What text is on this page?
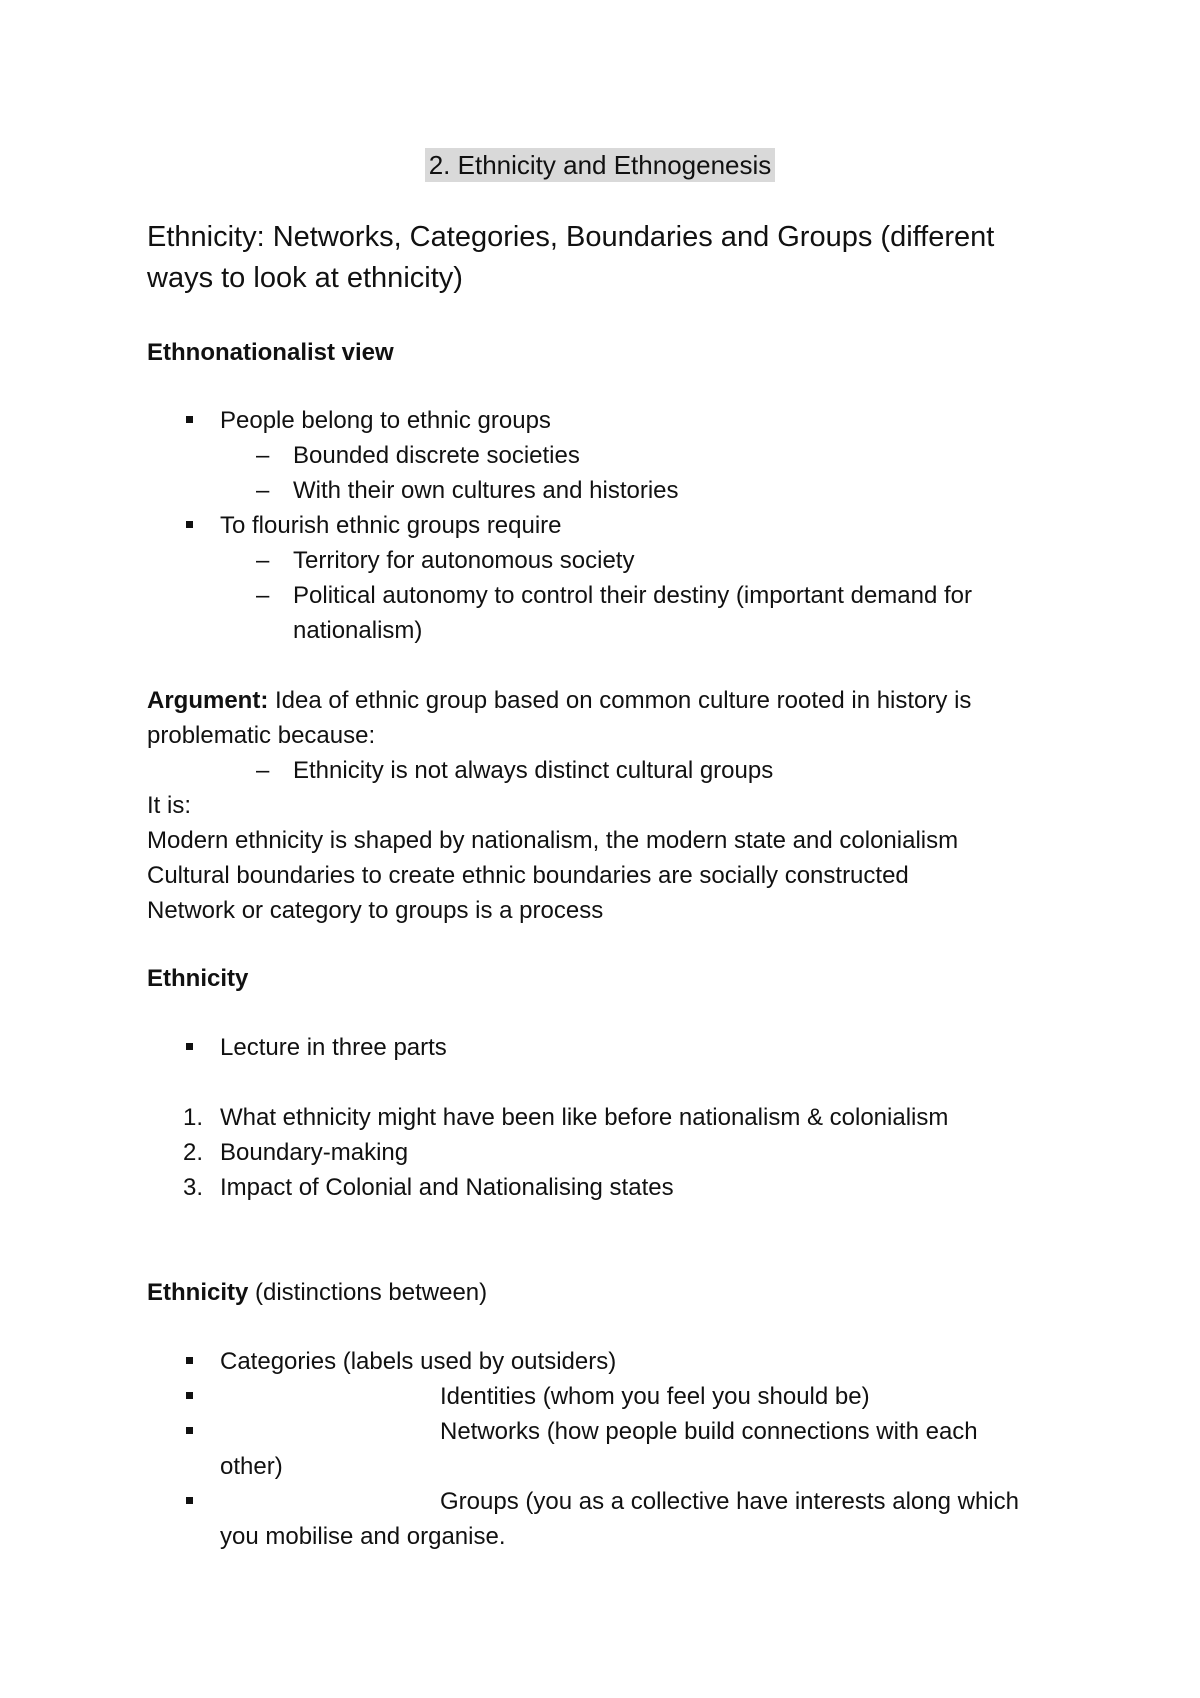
2. Ethnicity and Ethnogenesis
Ethnicity: Networks, Categories, Boundaries and Groups (different
ways to look at ethnicity)
Ethnonationalist view
People belong to ethnic groups
– Bounded discrete societies
– With their own cultures and histories
To flourish ethnic groups require
– Territory for autonomous society
– Political autonomy to control their destiny (important demand for
nationalism)
Argument: Idea of ethnic group based on common culture rooted in history is
problematic because:
– Ethnicity is not always distinct cultural groups
It is:
Modern ethnicity is shaped by nationalism, the modern state and colonialism
Cultural boundaries to create ethnic boundaries are socially constructed
Network or category to groups is a process
Ethnicity
Lecture in three parts
1. What ethnicity might have been like before nationalism & colonialism
2. Boundary-making
3. Impact of Colonial and Nationalising states
Ethnicity (distinctions between)
Categories (labels used by outsiders)
Identities (whom you feel you should be)
Networks (how people build connections with each
other)
Groups (you as a collective have interests along which
you mobilise and organise.
